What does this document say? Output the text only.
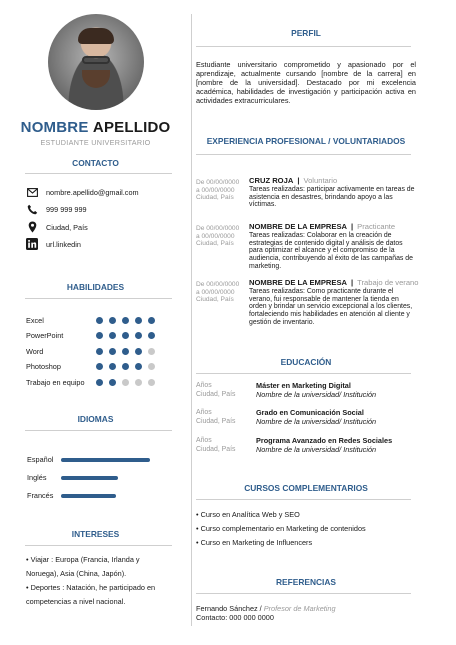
NOMBRE APELLIDO
ESTUDIANTE UNIVERSITARIO
CONTACTO
nombre.apellido@gmail.com
999 999 999
Ciudad, País
url.linkedin
HABILIDADES
Excel
PowerPoint
Word
Photoshop
Trabajo en equipo
IDIOMAS
Español
Inglés
Francés
INTERESES
• Viajar : Europa (Francia, Irlanda y
Noruega), Asia (China, Japón).
• Deportes : Natación, he participado en
competencias a nivel nacional.
PERFIL
Estudiante universitario comprometido y apasionado por el aprendizaje, actualmente cursando [nombre de la carrera] en [nombre de la universidad]. Destacado por mi excelencia académica, habilidades de investigación y participación activa en actividades extracurriculares.
EXPERIENCIA PROFESIONAL / VOLUNTARIADOS
De 00/00/0000
a 00/00/0000
Ciudad, País
CRUZ ROJA | Voluntario
Tareas realizadas: participar activamente en tareas de asistencia en desastres, brindando apoyo a las víctimas.
De 00/00/0000
a 00/00/0000
Ciudad, País
NOMBRE DE LA EMPRESA | Practicante
Tareas realizadas: Colaborar en la creación de estrategias de contenido digital y análisis de datos para optimizar el alcance y el compromiso de la audiencia, contribuyendo al éxito de las campañas de marketing.
De 00/00/0000
a 00/00/0000
Ciudad, País
NOMBRE DE LA EMPRESA | Trabajo de verano
Tareas realizadas: Como practicante durante el verano, fui responsable de mantener la tienda en orden y brindar un servicio excepcional a los clientes, fortaleciendo mis habilidades en atención al cliente y gestión de inventario.
EDUCACIÓN
Años
Ciudad, País
Máster en Marketing Digital
Nombre de la universidad/ Institución
Años
Ciudad, País
Grado en Comunicación Social
Nombre de la universidad/ Institución
Años
Ciudad, País
Programa Avanzado en Redes Sociales
Nombre de la universidad/ Institución
CURSOS COMPLEMENTARIOS
• Curso en Analítica Web y SEO
• Curso complementario en Marketing de contenidos
• Curso en Marketing de Influencers
REFERENCIAS
Fernando Sánchez / Profesor de Marketing
Contacto: 000 000 0000
